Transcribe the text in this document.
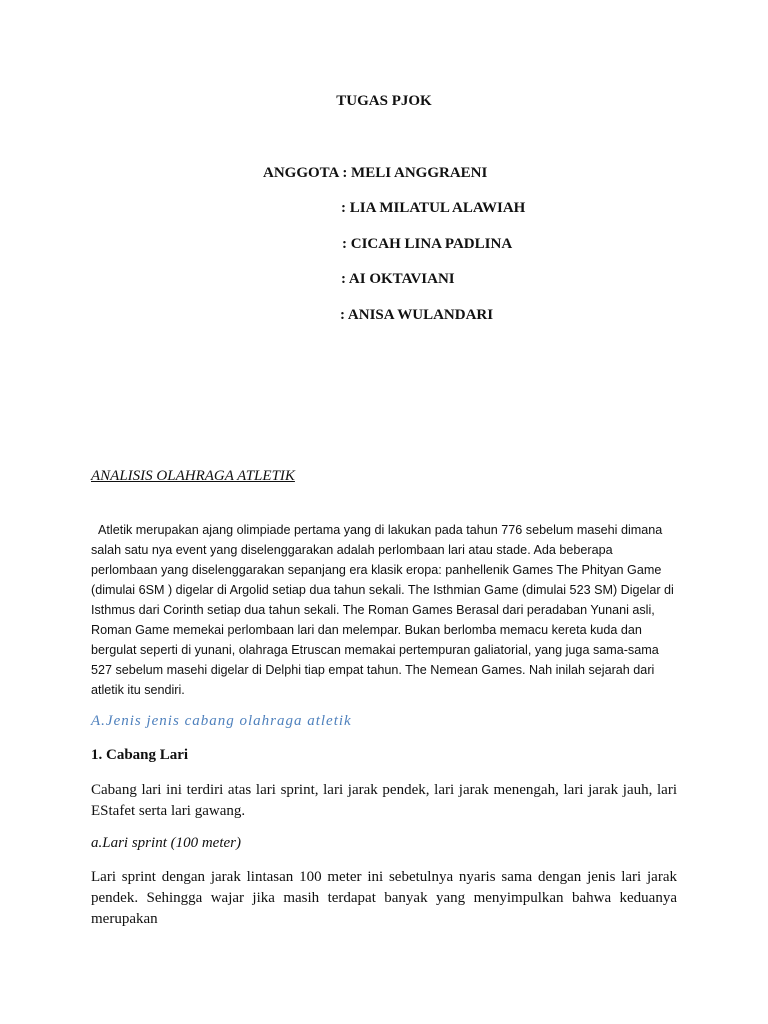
TUGAS PJOK
ANGGOTA : MELI ANGGRAENI
: LIA MILATUL ALAWIAH
: CICAH LINA PADLINA
: AI OKTAVIANI
: ANISA WULANDARI
ANALISIS OLAHRAGA ATLETIK

Atletik merupakan ajang olimpiade pertama yang di lakukan pada tahun 776 sebelum masehi dimana salah satu nya event yang diselenggarakan adalah perlombaan lari atau stade. Ada beberapa perlombaan yang diselenggarakan sepanjang era klasik eropa: panhellenik Games The Phityan Game (dimulai 6SM ) digelar di Argolid setiap dua tahun sekali. The Isthmian Game (dimulai 523 SM) Digelar di Isthmus dari Corinth setiap dua tahun sekali. The Roman Games Berasal dari peradaban Yunani asli, Roman Game memekai perlombaan lari dan melempar. Bukan berlomba memacu kereta kuda dan bergulat seperti di yunani, olahraga Etruscan memakai pertempuran galiatorial, yang juga sama-sama 527 sebelum masehi digelar di Delphi tiap empat tahun. The Nemean Games. Nah inilah sejarah dari atletik itu sendiri.

A.Jenis jenis cabang olahraga atletik
1. Cabang Lari

Cabang lari ini terdiri atas lari sprint, lari jarak pendek, lari jarak menengah, lari jarak jauh, lari EStafet serta lari gawang.

a.Lari sprint (100 meter)

Lari sprint dengan jarak lintasan 100 meter ini sebetulnya nyaris sama dengan jenis lari jarak pendek. Sehingga wajar jika masih terdapat banyak yang menyimpulkan bahwa keduanya merupakan
